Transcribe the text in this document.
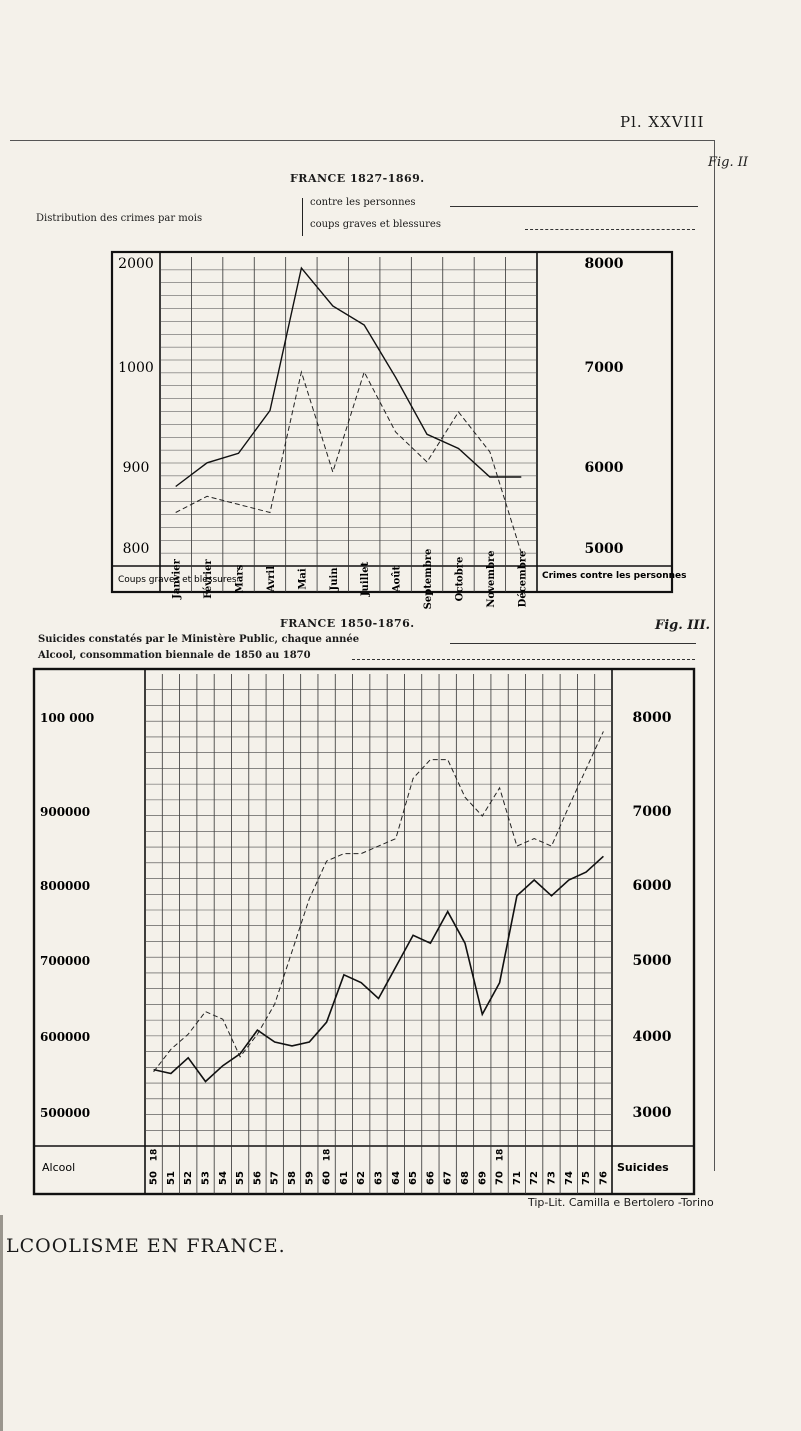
Pl. XXVIII
Fig. II
FRANCE 1827-1869.
Distribution des crimes par mois
contre les personnes
coups graves et blessures
FRANCE 1850-1876.	Fig. III.
Suicides constatés par le Ministère Public, chaque année
Alcool, consommation biennale de 1850 au 1870
2000
1000
900
800
8000
7000
6000
5000
Coups graves et blessures	Crimes contre les personnes
Janvier Février Mars Avril Mai Juin Juillet Août Septembre Octobre Novembre Décembre
100 000
900000
800000
700000
600000
500000
8000
7000
6000
5000
4000
3000
Alcool	Suicides
18	18	18
50 51 52 53 54 55 56 57 58 59 60 61 62 63 64 65 66 67 68 69 70 71 72 73 74 75 76
Tip-Lit. Camilla e Bertolero -Torino
LCOOLISME EN FRANCE.
